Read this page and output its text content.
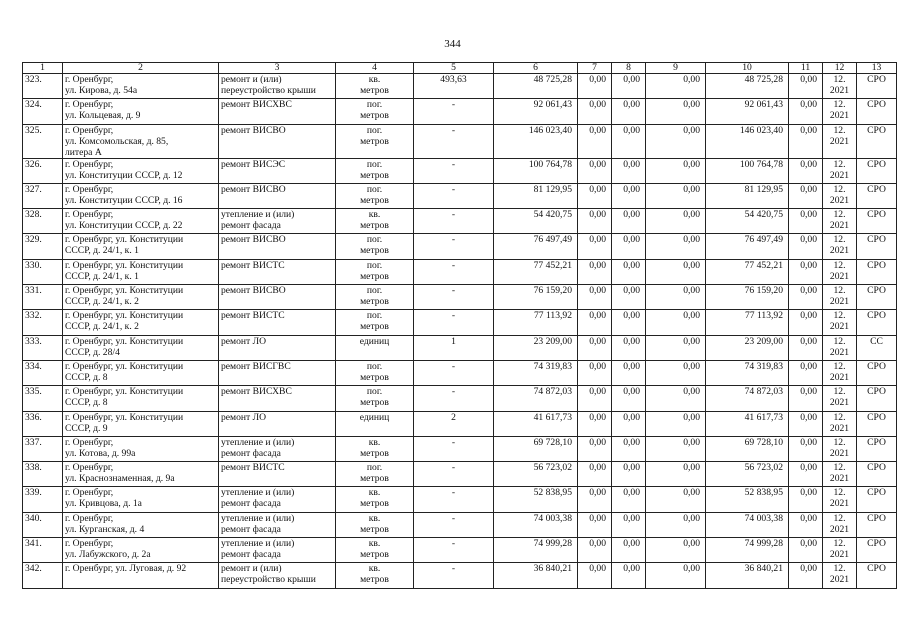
344
1	2	3	4	5	6	7	8	9	10	11	12	13
323.	г. Оренбург,
ул. Кирова, д. 54а	ремонт и (или)
переустройство крыши	кв.
метров	493,63	48 725,28	0,00	0,00	0,00	48 725,28	0,00	12.
2021	СРО
324.	г. Оренбург,
ул. Кольцевая, д. 9	ремонт ВИСХВС	пог.
метров	-	92 061,43	0,00	0,00	0,00	92 061,43	0,00	12.
2021	СРО
325.	г. Оренбург,
ул. Комсомольская, д. 85,
литера А	ремонт ВИСВО	пог.
метров	-	146 023,40	0,00	0,00	0,00	146 023,40	0,00	12.
2021	СРО
326.	г. Оренбург,
ул. Конституции СССР, д. 12	ремонт ВИСЭС	пог.
метров	-	100 764,78	0,00	0,00	0,00	100 764,78	0,00	12.
2021	СРО
327.	г. Оренбург,
ул. Конституции СССР, д. 16	ремонт ВИСВО	пог.
метров	-	81 129,95	0,00	0,00	0,00	81 129,95	0,00	12.
2021	СРО
328.	г. Оренбург,
ул. Конституции СССР, д. 22	утепление и (или)
ремонт фасада	кв.
метров	-	54 420,75	0,00	0,00	0,00	54 420,75	0,00	12.
2021	СРО
329.	г. Оренбург, ул. Конституции
СССР, д. 24/1, к. 1	ремонт ВИСВО	пог.
метров	-	76 497,49	0,00	0,00	0,00	76 497,49	0,00	12.
2021	СРО
330.	г. Оренбург, ул. Конституции
СССР, д. 24/1, к. 1	ремонт ВИСТС	пог.
метров	-	77 452,21	0,00	0,00	0,00	77 452,21	0,00	12.
2021	СРО
331.	г. Оренбург, ул. Конституции
СССР, д. 24/1, к. 2	ремонт ВИСВО	пог.
метров	-	76 159,20	0,00	0,00	0,00	76 159,20	0,00	12.
2021	СРО
332.	г. Оренбург, ул. Конституции
СССР, д. 24/1, к. 2	ремонт ВИСТС	пог.
метров	-	77 113,92	0,00	0,00	0,00	77 113,92	0,00	12.
2021	СРО
333.	г. Оренбург, ул. Конституции
СССР, д. 28/4	ремонт ЛО	единиц	1	23 209,00	0,00	0,00	0,00	23 209,00	0,00	12.
2021	СС
334.	г. Оренбург, ул. Конституции
СССР, д. 8	ремонт ВИСГВС	пог.
метров	-	74 319,83	0,00	0,00	0,00	74 319,83	0,00	12.
2021	СРО
335.	г. Оренбург, ул. Конституции
СССР, д. 8	ремонт ВИСХВС	пог.
метров	-	74 872,03	0,00	0,00	0,00	74 872,03	0,00	12.
2021	СРО
336.	г. Оренбург, ул. Конституции
СССР, д. 9	ремонт ЛО	единиц	2	41 617,73	0,00	0,00	0,00	41 617,73	0,00	12.
2021	СРО
337.	г. Оренбург,
ул. Котова, д. 99а	утепление и (или)
ремонт фасада	кв.
метров	-	69 728,10	0,00	0,00	0,00	69 728,10	0,00	12.
2021	СРО
338.	г. Оренбург,
ул. Краснознаменная, д. 9а	ремонт ВИСТС	пог.
метров	-	56 723,02	0,00	0,00	0,00	56 723,02	0,00	12.
2021	СРО
339.	г. Оренбург,
ул. Кривцова, д. 1а	утепление и (или)
ремонт фасада	кв.
метров	-	52 838,95	0,00	0,00	0,00	52 838,95	0,00	12.
2021	СРО
340.	г. Оренбург,
ул. Курганская, д. 4	утепление и (или)
ремонт фасада	кв.
метров	-	74 003,38	0,00	0,00	0,00	74 003,38	0,00	12.
2021	СРО
341.	г. Оренбург,
ул. Лабужского, д. 2а	утепление и (или)
ремонт фасада	кв.
метров	-	74 999,28	0,00	0,00	0,00	74 999,28	0,00	12.
2021	СРО
342.	г. Оренбург, ул. Луговая, д. 92	ремонт и (или)
переустройство крыши	кв.
метров	-	36 840,21	0,00	0,00	0,00	36 840,21	0,00	12.
2021	СРО
